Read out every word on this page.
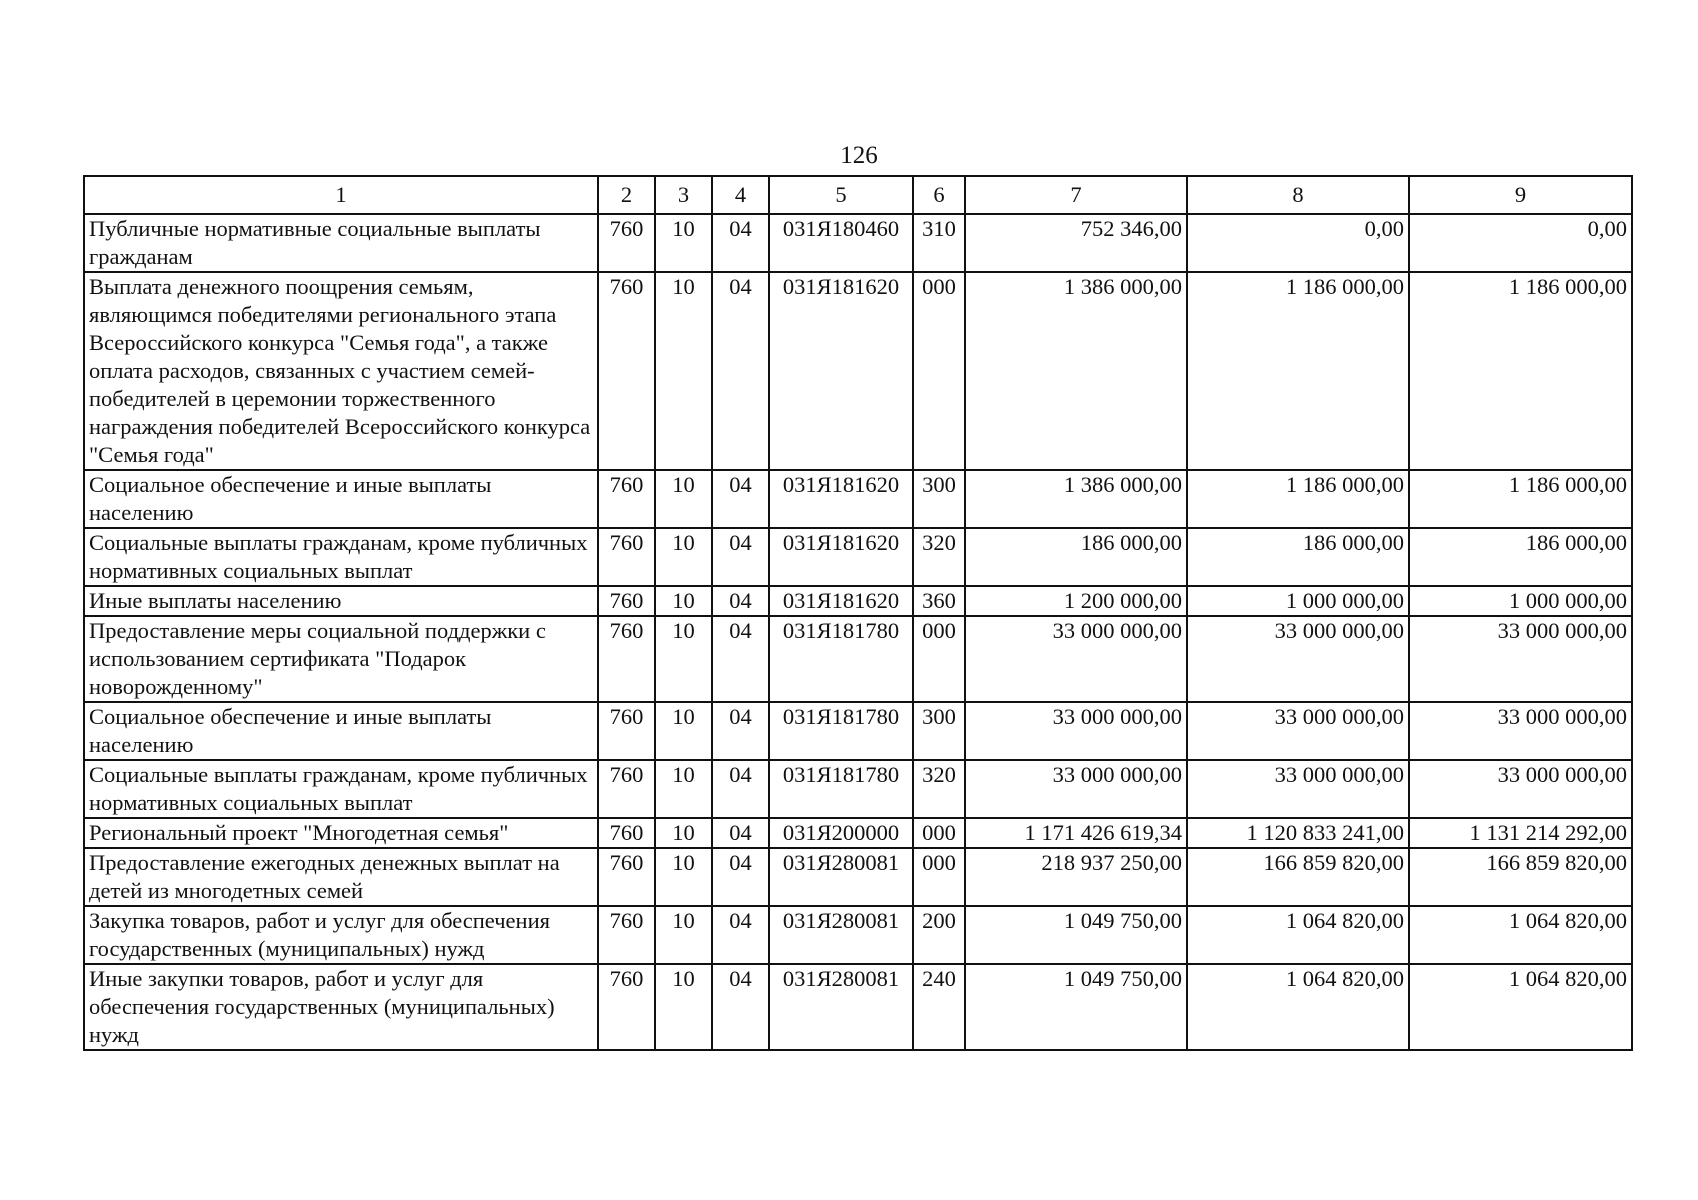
126
1	2	3	4	5	6	7	8	9
Публичные нормативные социальные выплаты гражданам	760	10	04	031Я180460	310	752 346,00	0,00	0,00
Выплата денежного поощрения семьям, являющимся победителями регионального этапа Всероссийского конкурса "Семья года", а также оплата расходов, связанных с участием семей-победителей в церемонии торжественного награждения победителей Всероссийского конкурса "Семья года"	760	10	04	031Я181620	000	1 386 000,00	1 186 000,00	1 186 000,00
Социальное обеспечение и иные выплаты населению	760	10	04	031Я181620	300	1 386 000,00	1 186 000,00	1 186 000,00
Социальные выплаты гражданам, кроме публичных нормативных социальных выплат	760	10	04	031Я181620	320	186 000,00	186 000,00	186 000,00
Иные выплаты населению	760	10	04	031Я181620	360	1 200 000,00	1 000 000,00	1 000 000,00
Предоставление меры социальной поддержки с использованием сертификата "Подарок новорожденному"	760	10	04	031Я181780	000	33 000 000,00	33 000 000,00	33 000 000,00
Социальное обеспечение и иные выплаты населению	760	10	04	031Я181780	300	33 000 000,00	33 000 000,00	33 000 000,00
Социальные выплаты гражданам, кроме публичных нормативных социальных выплат	760	10	04	031Я181780	320	33 000 000,00	33 000 000,00	33 000 000,00
Региональный проект "Многодетная семья"	760	10	04	031Я200000	000	1 171 426 619,34	1 120 833 241,00	1 131 214 292,00
Предоставление ежегодных денежных выплат на детей из многодетных семей	760	10	04	031Я280081	000	218 937 250,00	166 859 820,00	166 859 820,00
Закупка товаров, работ и услуг для обеспечения государственных (муниципальных) нужд	760	10	04	031Я280081	200	1 049 750,00	1 064 820,00	1 064 820,00
Иные закупки товаров, работ и услуг для обеспечения государственных (муниципальных) нужд	760	10	04	031Я280081	240	1 049 750,00	1 064 820,00	1 064 820,00
